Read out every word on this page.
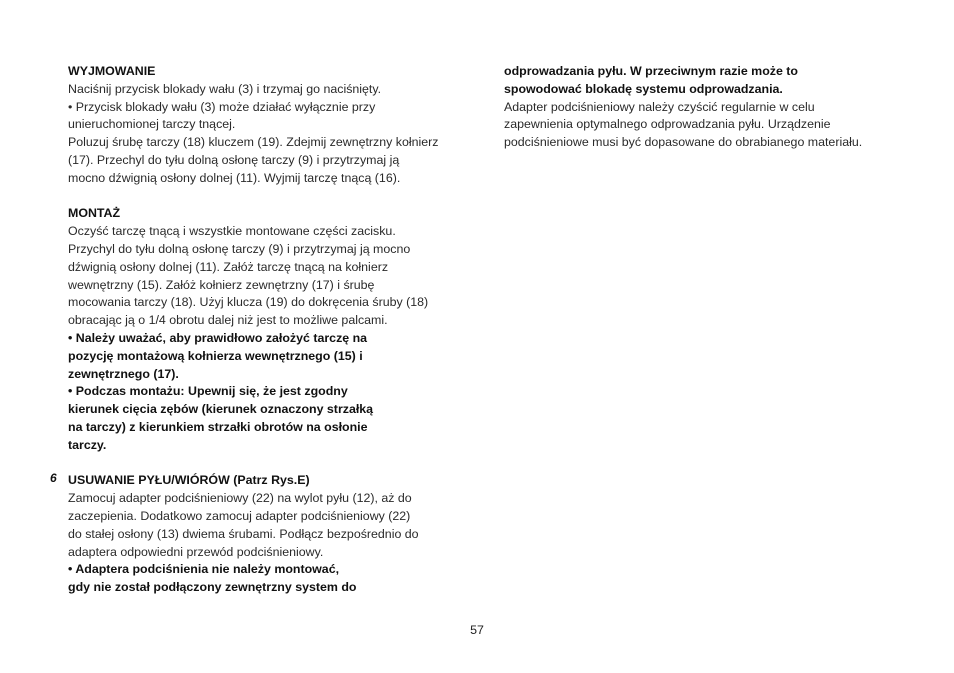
WYJMOWANIE
Naciśnij przycisk blokady wału (3) i trzymaj go naciśnięty.
• Przycisk blokady wału (3) może działać wyłącznie przy
unieruchomionej tarczy tnącej.
Poluzuj śrubę tarczy (18) kluczem (19). Zdejmij zewnętrzny kołnierz
(17). Przechyl do tyłu dolną osłonę tarczy (9) i przytrzymaj ją
mocno dźwignią osłony dolnej (11). Wyjmij tarczę tnącą (16).
MONTAŻ
Oczyść tarczę tnącą i wszystkie montowane części zacisku.
Przychyl do tyłu dolną osłonę tarczy (9) i przytrzymaj ją mocno
dźwignią osłony dolnej (11). Załóż tarczę tnącą na kołnierz
wewnętrzny (15). Załóż kołnierz zewnętrzny (17) i śrubę
mocowania tarczy (18). Użyj klucza (19) do dokręcenia śruby (18)
obracając ją o 1/4 obrotu dalej niż jest to możliwe palcami.
• Należy uważać, aby prawidłowo założyć tarczę na
pozycję montażową kołnierza wewnętrznego (15) i
zewnętrznego (17).
• Podczas montażu: Upewnij się, że jest zgodny
kierunek cięcia zębów (kierunek oznaczony strzałką
na tarczy) z kierunkiem strzałki obrotów na osłonie
tarczy.
USUWANIE PYŁU/WIÓRÓW (Patrz Rys.E)
Zamocuj adapter podciśnieniowy (22) na wylot pyłu (12), aż do
zaczepienia. Dodatkowo zamocuj adapter podciśnieniowy (22)
do stałej osłony (13) dwiema śrubami. Podłącz bezpośrednio do
adaptera odpowiedni przewód podciśnieniowy.
• Adaptera podciśnienia nie należy montować,
gdy nie został podłączony zewnętrzny system do
6
odprowadzania pyłu. W przeciwnym razie może to
spowodować blokadę systemu odprowadzania.
Adapter podciśnieniowy należy czyścić regularnie w celu
zapewnienia optymalnego odprowadzania pyłu. Urządzenie
podciśnieniowe musi być dopasowane do obrabianego materiału.
57
